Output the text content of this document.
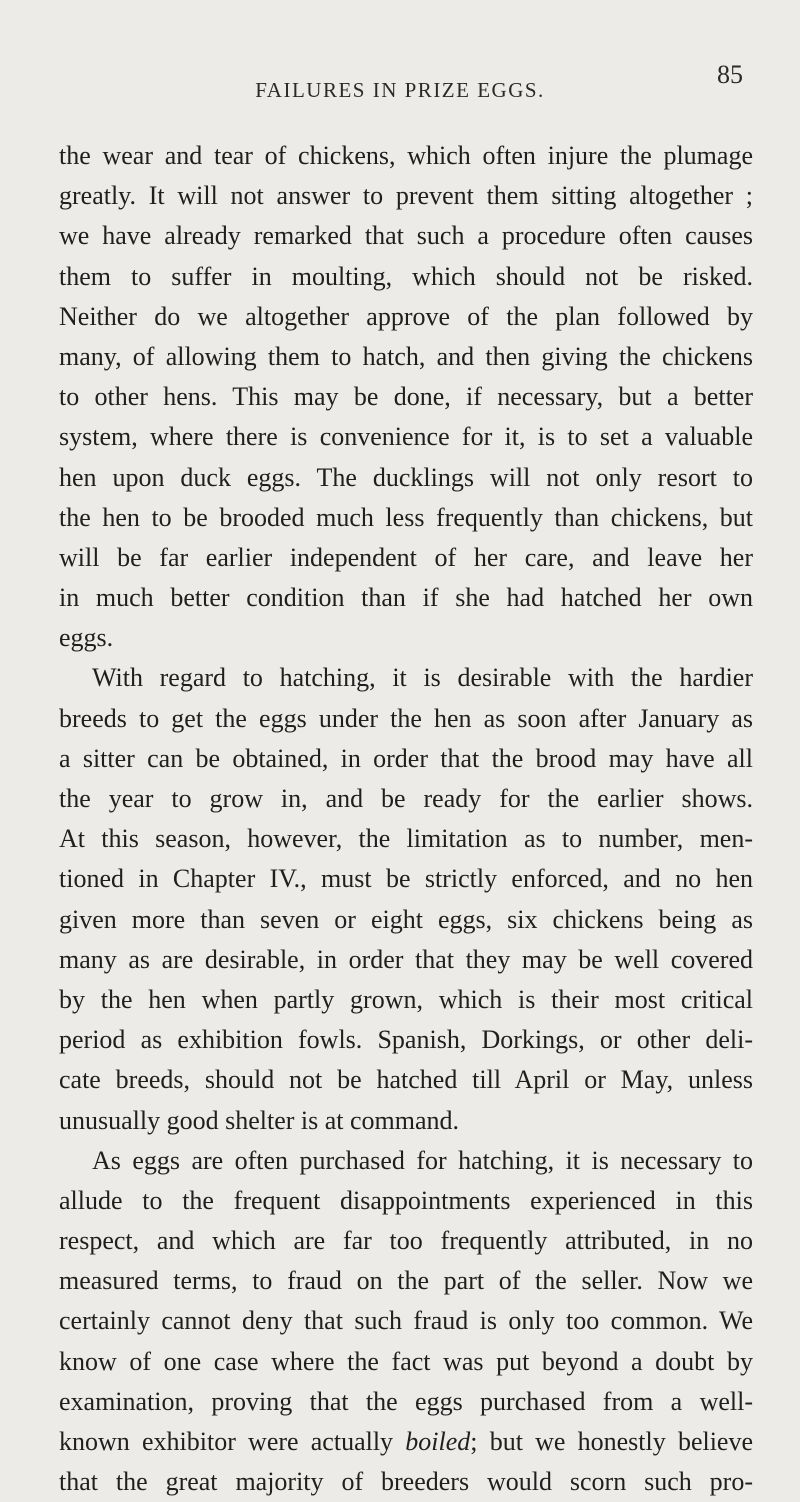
FAILURES IN PRIZE EGGS.
85
the wear and tear of chickens, which often injure the plumage
greatly. It will not answer to prevent them sitting altogether ;
we have already remarked that such a procedure often causes
them to suffer in moulting, which should not be risked.
Neither do we altogether approve of the plan followed by
many, of allowing them to hatch, and then giving the chickens
to other hens. This may be done, if necessary, but a better
system, where there is convenience for it, is to set a valuable
hen upon duck eggs. The ducklings will not only resort to
the hen to be brooded much less frequently than chickens, but
will be far earlier independent of her care, and leave her
in much better condition than if she had hatched her own
eggs.
With regard to hatching, it is desirable with the hardier
breeds to get the eggs under the hen as soon after January as
a sitter can be obtained, in order that the brood may have all
the year to grow in, and be ready for the earlier shows.
At this season, however, the limitation as to number, men-
tioned in Chapter IV., must be strictly enforced, and no hen
given more than seven or eight eggs, six chickens being as
many as are desirable, in order that they may be well covered
by the hen when partly grown, which is their most critical
period as exhibition fowls. Spanish, Dorkings, or other deli-
cate breeds, should not be hatched till April or May, unless
unusually good shelter is at command.
As eggs are often purchased for hatching, it is necessary to
allude to the frequent disappointments experienced in this
respect, and which are far too frequently attributed, in no
measured terms, to fraud on the part of the seller. Now we
certainly cannot deny that such fraud is only too common. We
know of one case where the fact was put beyond a doubt by
examination, proving that the eggs purchased from a well-
known exhibitor were actually boiled; but we honestly believe
that the great majority of breeders would scorn such pro-
